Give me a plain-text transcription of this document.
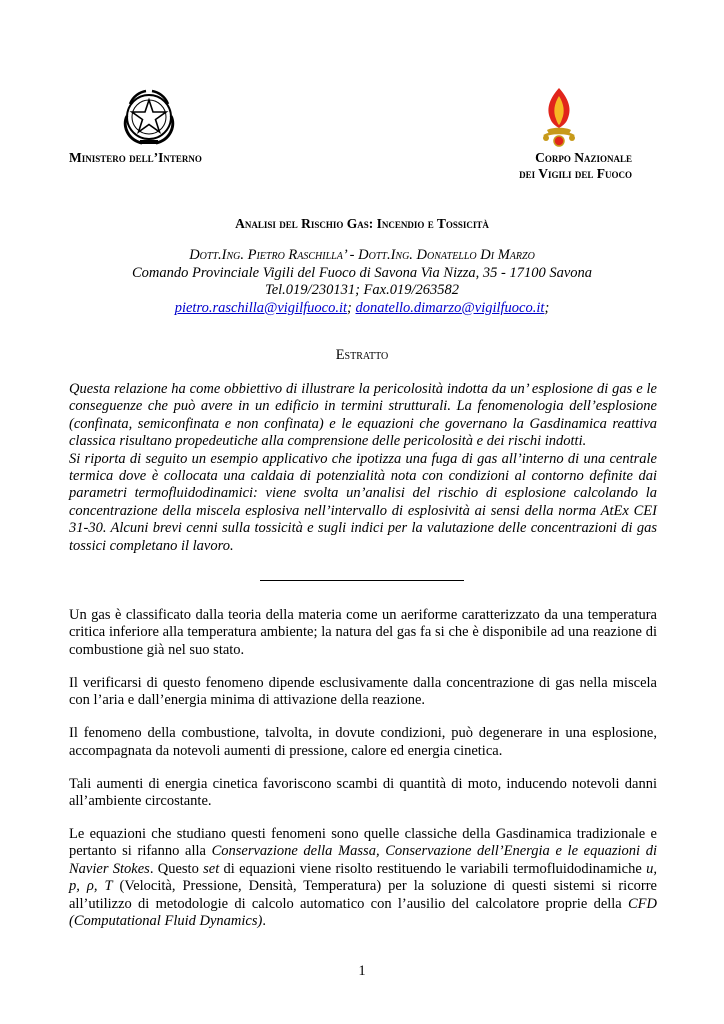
Ministero dell’Interno	Corpo Nazionale
dei Vigili del Fuoco
Analisi del Rischio Gas: Incendio e Tossicità
Dott.Ing. Pietro Raschilla’ - Dott.Ing. Donatello Di Marzo
Comando Provinciale Vigili del Fuoco di Savona Via Nizza, 35 - 17100 Savona
Tel.019/230131; Fax.019/263582
pietro.raschilla@vigilfuoco.it; donatello.dimarzo@vigilfuoco.it;
Estratto

Questa relazione ha come obbiettivo di illustrare la pericolosità indotta da un’ esplosione di gas e le conseguenze che può avere in un edificio in termini strutturali. La fenomenologia dell’esplosione (confinata, semiconfinata e non confinata) e le equazioni che governano la Gasdinamica reattiva classica risultano propedeutiche alla comprensione delle pericolosità e dei rischi indotti.

Si riporta di seguito un esempio applicativo che ipotizza una fuga di gas all’interno di una centrale termica dove è collocata una caldaia di potenzialità nota con condizioni al contorno definite dai parametri termofluidodinamici: viene svolta un’analisi del rischio di esplosione calcolando la concentrazione della miscela esplosiva nell’intervallo di esplosività ai sensi della norma AtEx CEI 31-30. Alcuni brevi cenni sulla tossicità e sugli indici per la valutazione delle concentrazioni di gas tossici completano il lavoro.

Un gas è classificato dalla teoria della materia come un aeriforme caratterizzato da una temperatura critica inferiore alla temperatura ambiente; la natura del gas fa si che è disponibile ad una reazione di combustione già nel suo stato.

Il verificarsi di questo fenomeno dipende esclusivamente dalla concentrazione di gas nella miscela con l’aria e dall’energia minima di attivazione della reazione.

Il fenomeno della combustione, talvolta, in dovute condizioni, può degenerare in una esplosione, accompagnata da notevoli aumenti di pressione, calore ed energia cinetica.

Tali aumenti di energia cinetica favoriscono scambi di quantità di moto, inducendo notevoli danni all’ambiente circostante.

Le equazioni che studiano questi fenomeni sono quelle classiche della Gasdinamica tradizionale e pertanto si rifanno alla Conservazione della Massa, Conservazione dell’Energia e le equazioni di Navier Stokes. Questo set di equazioni viene risolto restituendo le variabili termofluidodinamiche u, p, ρ, T (Velocità, Pressione, Densità, Temperatura) per la soluzione di questi sistemi si ricorre all’utilizzo di metodologie di calcolo automatico con l’ausilio del calcolatore proprie della CFD (Computational Fluid Dynamics).

1
